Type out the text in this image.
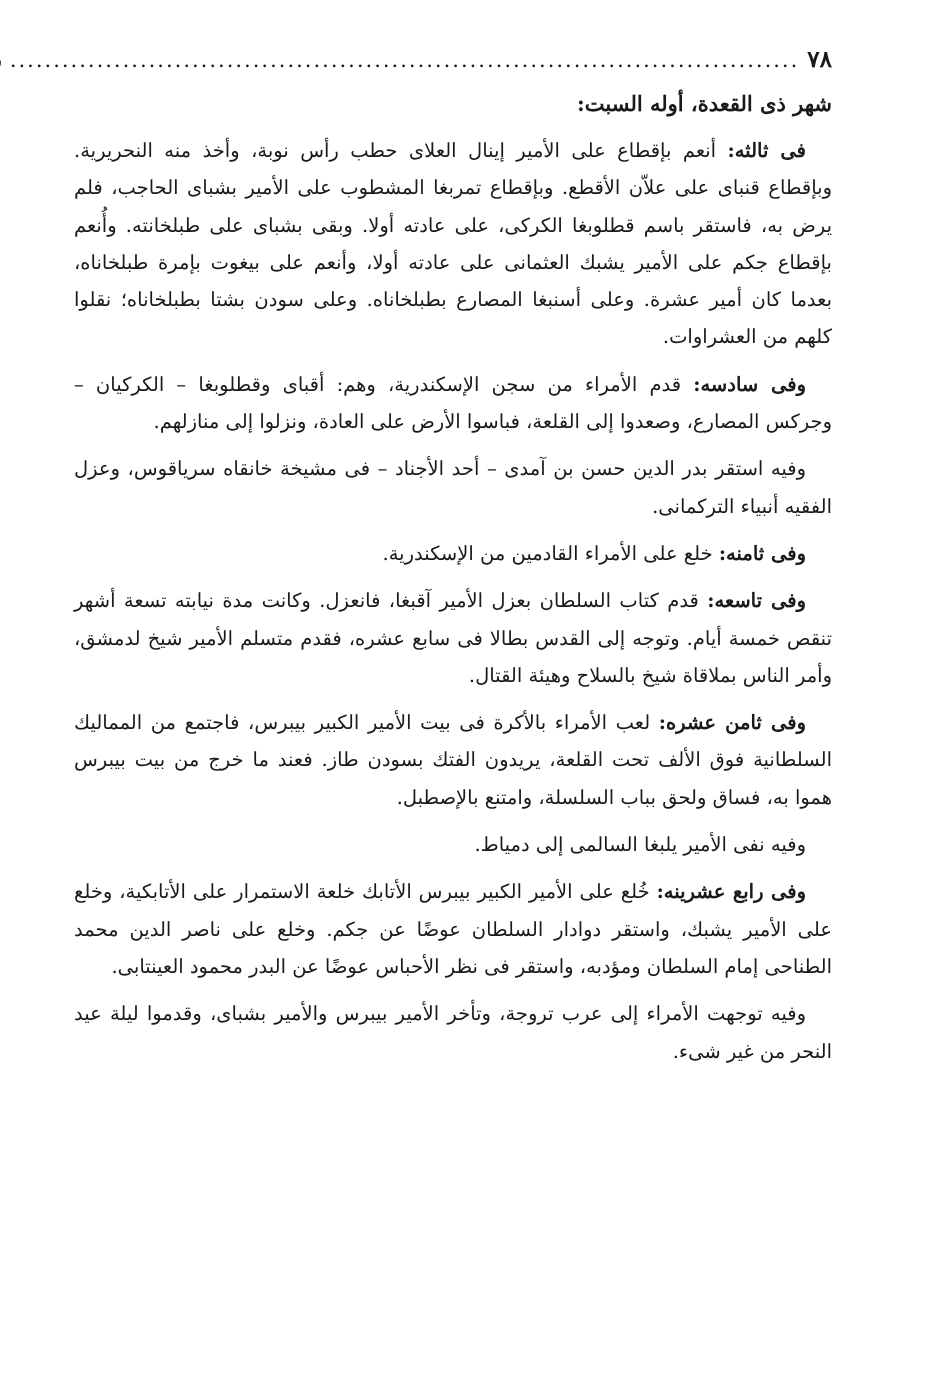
٧٨
...........................................................................................
شهر ذى القعدة، أوله السبت:

فى ثالثه: أنعم بإقطاع على الأمير إينال العلاى حطب رأس نوبة، وأخذ منه النحريرية. وبإقطاع قنباى على علاّن الأقطع. وبإقطاع تمربغا المشطوب على الأمير بشباى الحاجب، فلم يرض به، فاستقر باسم قطلوبغا الكركى، على عادته أولا. وبقى بشباى على طبلخانته. وأُنعم بإقطاع جكم على الأمير يشبك العثمانى على عادته أولا، وأنعم على بيغوت بإمرة طبلخاناه، بعدما كان أمير عشرة. وعلى أسنبغا المصارع بطبلخاناه. وعلى سودن بشتا بطبلخاناه؛ نقلوا كلهم من العشراوات.

وفى سادسه: قدم الأمراء من سجن الإسكندرية، وهم: أقباى وقطلوبغا – الكركيان – وجركس المصارع، وصعدوا إلى القلعة، فباسوا الأرض على العادة، ونزلوا إلى منازلهم.

وفيه استقر بدر الدين حسن بن آمدى – أحد الأجناد – فى مشيخة خانقاه سرياقوس، وعزل الفقيه أنبياء التركمانى.

وفى ثامنه: خلع على الأمراء القادمين من الإسكندرية.

وفى تاسعه: قدم كتاب السلطان بعزل الأمير آقبغا، فانعزل. وكانت مدة نيابته تسعة أشهر تنقص خمسة أيام. وتوجه إلى القدس بطالا فى سابع عشره، فقدم متسلم الأمير شيخ لدمشق، وأمر الناس بملاقاة شيخ بالسلاح وهيئة القتال.

وفى ثامن عشره: لعب الأمراء بالأكرة فى بيت الأمير الكبير بيبرس، فاجتمع من المماليك السلطانية فوق الألف تحت القلعة، يريدون الفتك بسودن طاز. فعند ما خرج من بيت بيبرس هموا به، فساق ولحق بباب السلسلة، وامتنع بالإصطبل.

وفيه نفى الأمير يلبغا السالمى إلى دمياط.

وفى رابع عشرينه: خُلع على الأمير الكبير بيبرس الأتابك خلعة الاستمرار على الأتابكية، وخلع على الأمير يشبك، واستقر دوادار السلطان عوضًا عن جكم. وخلع على ناصر الدين محمد الطناحى إمام السلطان ومؤدبه، واستقر فى نظر الأحباس عوضًا عن البدر محمود العينتابى.

وفيه توجهت الأمراء إلى عرب تروجة، وتأخر الأمير بيبرس والأمير بشباى، وقدموا ليلة عيد النحر من غير شىء.
